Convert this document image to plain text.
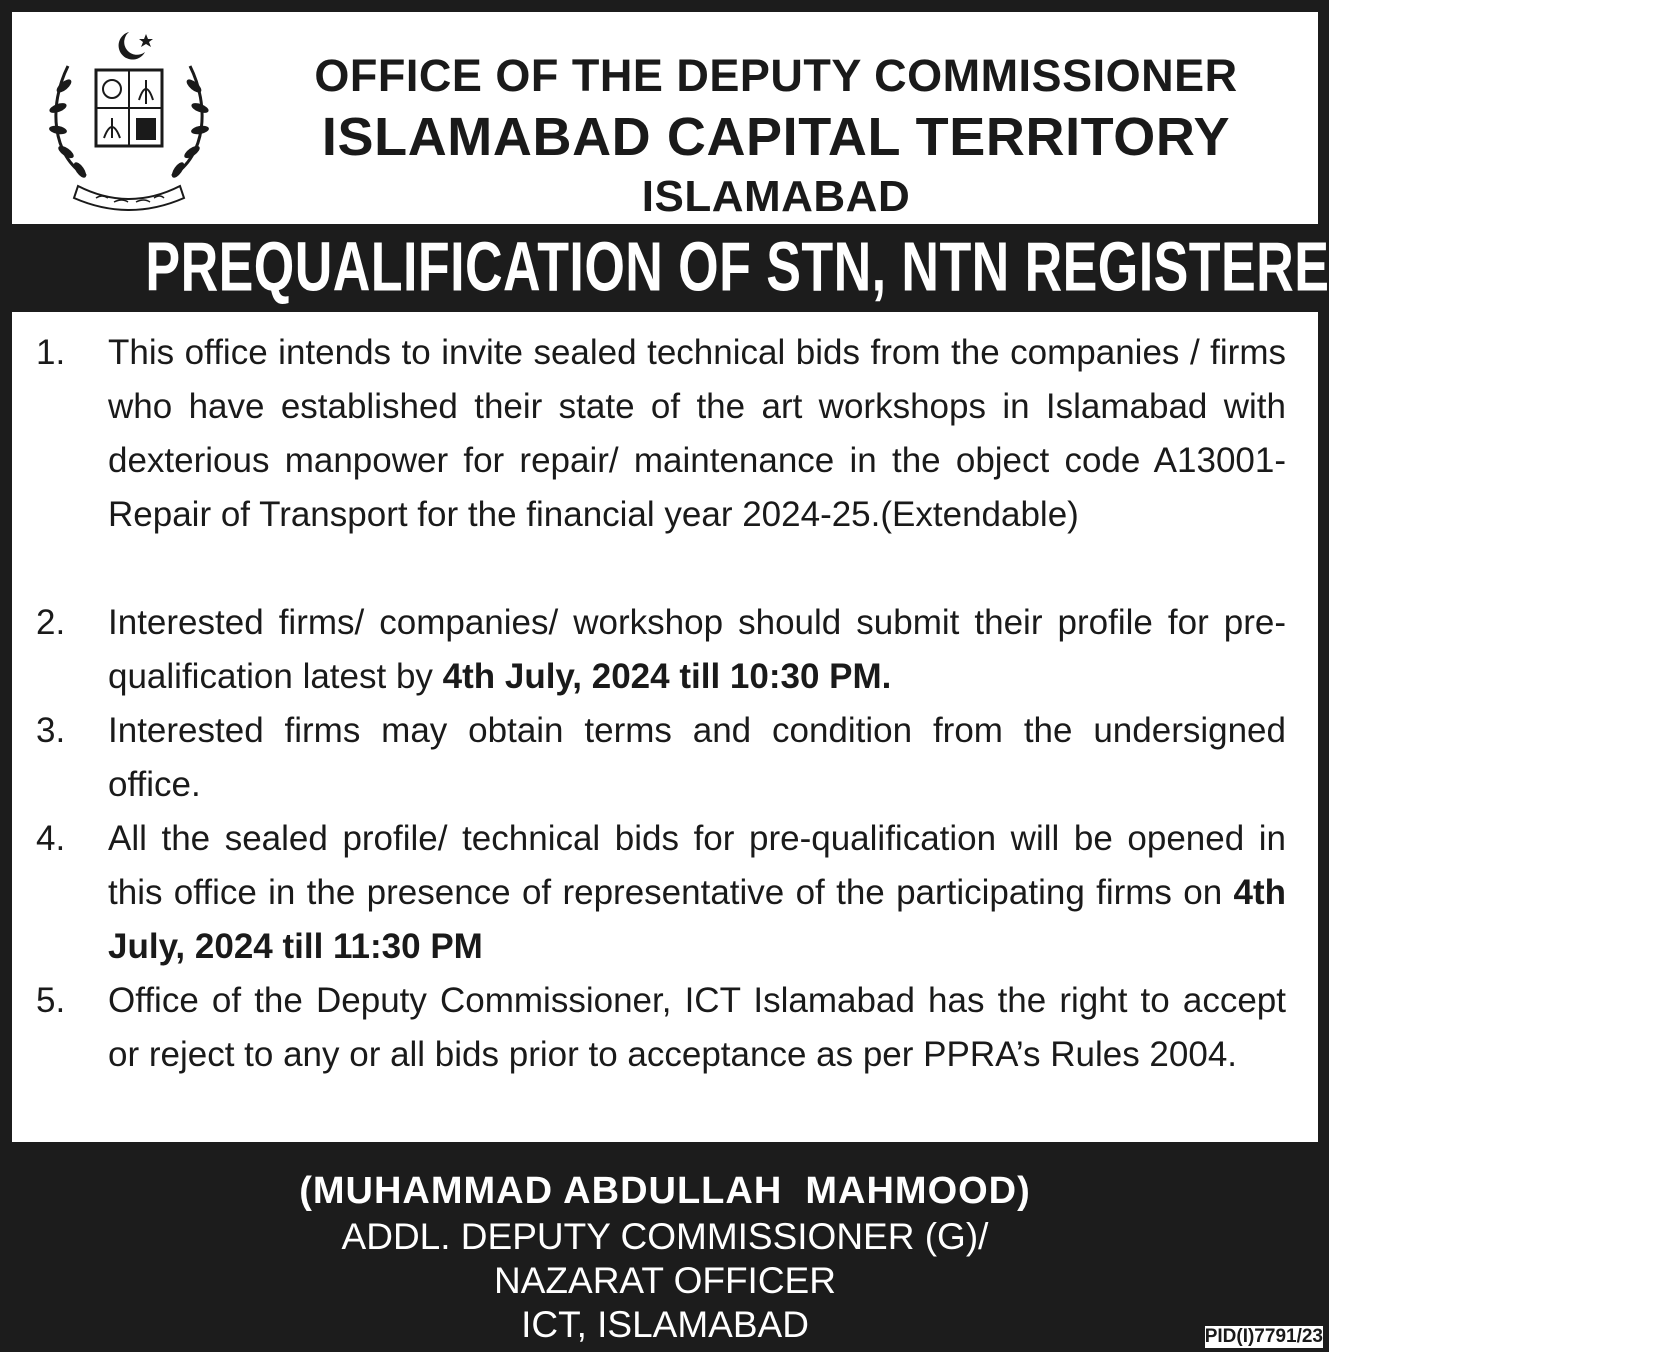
OFFICE OF THE DEPUTY COMMISSIONER
ISLAMABAD CAPITAL TERRITORY
ISLAMABAD
PREQUALIFICATION OF STN, NTN REGISTERED FIRMS
1. This office intends to invite sealed technical bids from the companies / firms who have established their state of the art workshops in Islamabad with dexterious manpower for repair/ maintenance in the object code A13001-Repair of Transport for the financial year 2024-25.(Extendable)
2. Interested firms/ companies/ workshop should submit their profile for pre-qualification latest by 4th July, 2024 till 10:30 PM.
3. Interested firms may obtain terms and condition from the undersigned office.
4. All the sealed profile/ technical bids for pre-qualification will be opened in this office in the presence of representative of the participating firms on 4th July, 2024 till 11:30 PM
5. Office of the Deputy Commissioner, ICT Islamabad has the right to accept or reject to any or all bids prior to acceptance as per PPRA’s Rules 2004.
(MUHAMMAD ABDULLAH  MAHMOOD)
ADDL. DEPUTY COMMISSIONER (G)/
NAZARAT OFFICER
ICT, ISLAMABAD	PID(I)7791/23
